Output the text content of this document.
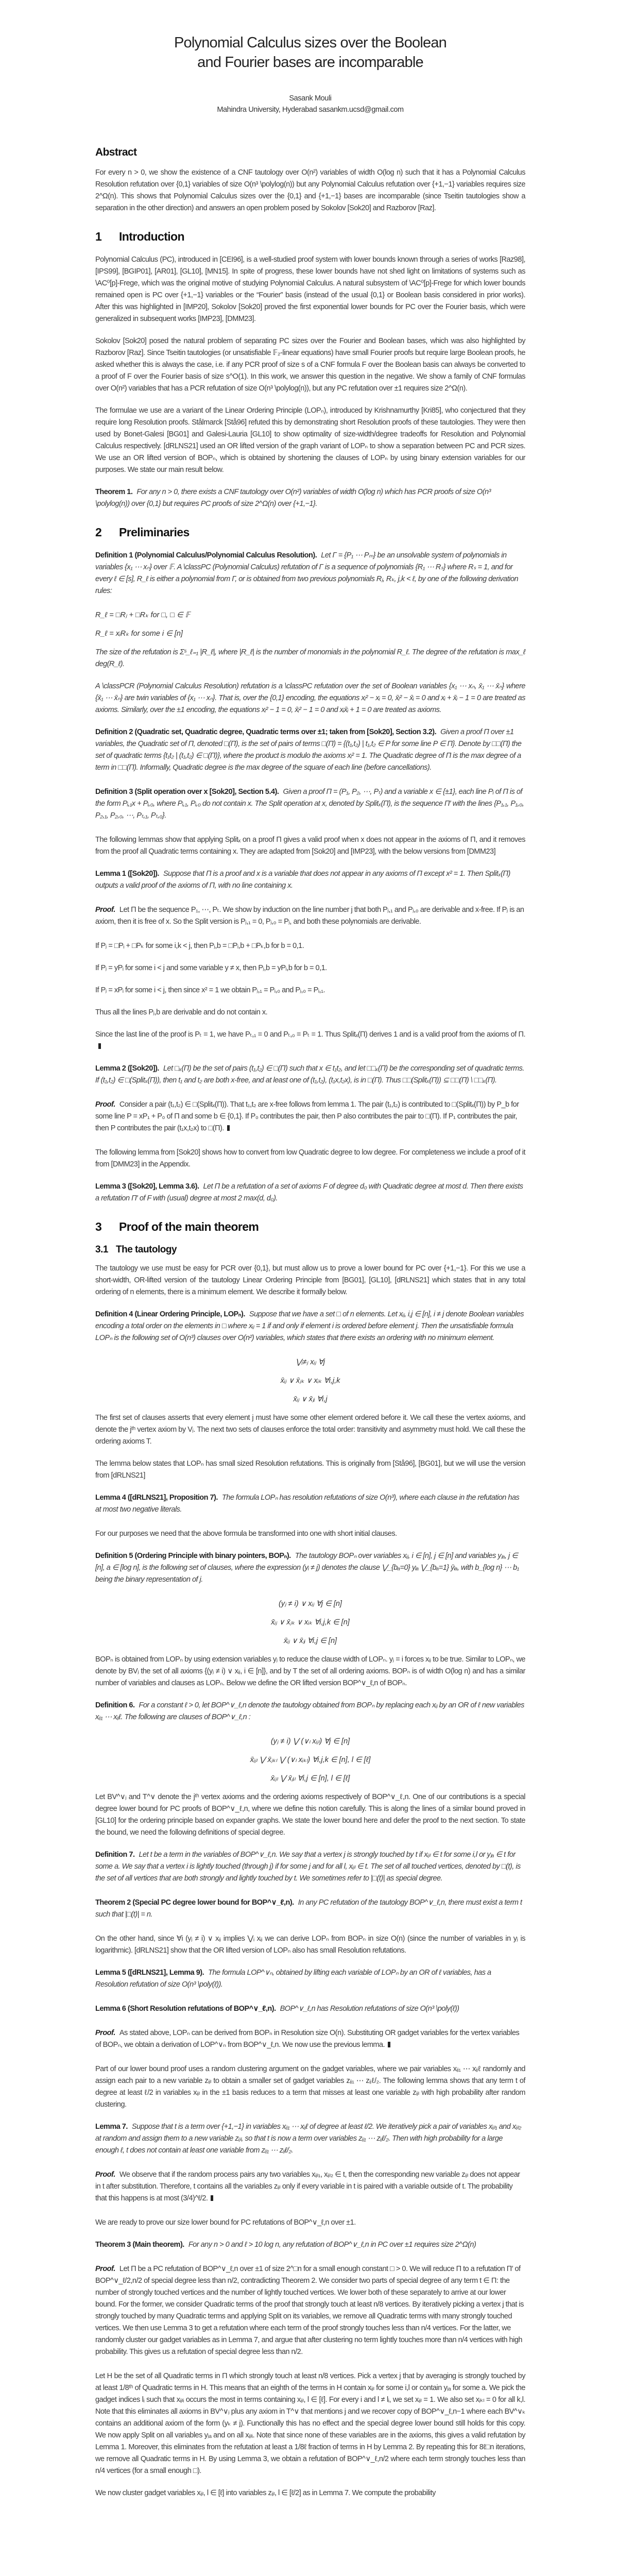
Polynomial Calculus sizes over the Boolean
and Fourier bases are incomparable
Sasank Mouli
Mahindra University, Hyderabad sasankm.ucsd@gmail.com
Abstract
For every n > 0, we show the existence of a CNF tautology over O(n²) variables of width O(log n) such that it has a Polynomial Calculus Resolution refutation over {0,1} variables of size O(n³ \polylog(n)) but any Polynomial Calculus refutation over {+1,−1} variables requires size 2^Ω(n). This shows that Polynomial Calculus sizes over the {0,1} and {+1,−1} bases are incomparable (since Tseitin tautologies show a separation in the other direction) and answers an open problem posed by Sokolov [Sok20] and Razborov [Raz].
1 Introduction
Polynomial Calculus (PC), introduced in [CEI96], is a well-studied proof system with lower bounds known through a series of works [Raz98], [IPS99], [BGIP01], [AR01], [GL10], [MN15]. In spite of progress, these lower bounds have not shed light on limitations of systems such as \AC⁰[p]-Frege, which was the original motive of studying Polynomial Calculus. A natural subsystem of \AC⁰[p]-Frege for which lower bounds remained open is PC over {+1,−1} variables or the “Fourier” basis (instead of the usual {0,1} or Boolean basis considered in prior works). After this was highlighted in [IMP20], Sokolov [Sok20] proved the first exponential lower bounds for PC over the Fourier basis, which were generalized in subsequent works [IMP23], [DMM23].
Sokolov [Sok20] posed the natural problem of separating PC sizes over the Fourier and Boolean bases, which was also highlighted by Razborov [Raz]. Since Tseitin tautologies (or unsatisfiable 𝔽₂-linear equations) have small Fourier proofs but require large Boolean proofs, he asked whether this is always the case, i.e. if any PCR proof of size s of a CNF formula F over the Boolean basis can always be converted to a proof of F over the Fourier basis of size s^O(1). In this work, we answer this question in the negative. We show a family of CNF formulas over O(n²) variables that has a PCR refutation of size O(n³ \polylog(n)), but any PC refutation over ±1 requires size 2^Ω(n).
The formulae we use are a variant of the Linear Ordering Principle (LOPₙ), introduced by Krishnamurthy [Kri85], who conjectured that they require long Resolution proofs. Stålmarck [Stå96] refuted this by demonstrating short Resolution proofs of these tautologies. They were then used by Bonet-Galesi [BG01] and Galesi-Lauria [GL10] to show optimality of size-width/degree tradeoffs for Resolution and Polynomial Calculus respectively. [dRLNS21] used an OR lifted version of the graph variant of LOPₙ to show a separation between PC and PCR sizes. We use an OR lifted version of BOPₙ, which is obtained by shortening the clauses of LOPₙ by using binary extension variables for our purposes. We state our main result below.
Theorem 1. For any n > 0, there exists a CNF tautology over O(n²) variables of width O(log n) which has PCR proofs of size O(n³ \polylog(n)) over {0,1} but requires PC proofs of size 2^Ω(n) over {+1,−1}.
2 Preliminaries
Definition 1 (Polynomial Calculus/Polynomial Calculus Resolution). Let Γ = {P₁ ⋯ Pₘ} be an unsolvable system of polynomials in variables {x₁ ⋯ xₙ} over 𝔽. A \classPC (Polynomial Calculus) refutation of Γ is a sequence of polynomials {R₁ ⋯ Rₛ} where Rₛ = 1, and for every ℓ ∈ [s], R_ℓ is either a polynomial from Γ, or is obtained from two previous polynomials Rⱼ, Rₖ, j,k < ℓ, by one of the following derivation rules:
R_ℓ = □Rⱼ + □Rₖ for □, □ ∈ 𝔽
R_ℓ = xᵢRₖ for some i ∈ [n]
The size of the refutation is Σˢ_ℓ₌₁ |R_ℓ|, where |R_ℓ| is the number of monomials in the polynomial R_ℓ. The degree of the refutation is max_ℓ deg(R_ℓ).
A \classPCR (Polynomial Calculus Resolution) refutation is a \classPC refutation over the set of Boolean variables {x₁ ⋯ xₙ, x̄₁ ⋯ x̄ₙ} where {x̄₁ ⋯ x̄ₙ} are twin variables of {x₁ ⋯ xₙ}. That is, over the {0,1} encoding, the equations xᵢ² − xᵢ = 0, x̄ᵢ² − x̄ᵢ = 0 and xᵢ + x̄ᵢ − 1 = 0 are treated as axioms. Similarly, over the ±1 encoding, the equations xᵢ² − 1 = 0, x̄ᵢ² − 1 = 0 and xᵢx̄ᵢ + 1 = 0 are treated as axioms.
Definition 2 (Quadratic set, Quadratic degree, Quadratic terms over ±1; taken from [Sok20], Section 3.2). Given a proof Π over ±1 variables, the Quadratic set of Π, denoted □(Π), is the set of pairs of terms □(Π) = {(t₁,t₂) | t₁,t₂ ∈ P for some line P ∈ Π}. Denote by □□(Π) the set of quadratic terms {t₁t₂ | (t₁,t₂) ∈ □(Π)}, where the product is modulo the axioms xᵢ² = 1. The Quadratic degree of Π is the max degree of a term in □□(Π). Informally, Quadratic degree is the max degree of the square of each line (before cancellations).
Definition 3 (Split operation over x [Sok20], Section 5.4). Given a proof Π = (P₁, P₂, ⋯, Pₜ) and a variable x ∈ {±1}, each line Pᵢ of Π is of the form Pᵢ,₁x + Pᵢ,₀, where Pᵢ,₁, Pᵢ,₀ do not contain x. The Split operation at x, denoted by Splitₓ(Π), is the sequence Π′ with the lines {P₁,₁, P₁,₀, P₂,₁, P₂,₀, ⋯, Pₜ,₁, Pₜ,₀}.
The following lemmas show that applying Splitₓ on a proof Π gives a valid proof when x does not appear in the axioms of Π, and it removes from the proof all Quadratic terms containing x. They are adapted from [Sok20] and [IMP23], with the below versions from [DMM23]
Lemma 1 ([Sok20]). Suppose that Π is a proof and x is a variable that does not appear in any axioms of Π except x² = 1. Then Splitₓ(Π) outputs a valid proof of the axioms of Π, with no line containing x.
Proof. Let Π be the sequence P₁, ⋯, Pₜ. We show by induction on the line number j that both Pⱼ,₁ and Pⱼ,₀ are derivable and x-free. If Pⱼ is an axiom, then it is free of x. So the Split version is Pⱼ,₁ = 0, Pⱼ,₀ = Pⱼ, and both these polynomials are derivable.
If Pⱼ = □Pᵢ + □Pₖ for some i,k < j, then Pⱼ,b = □Pᵢ,b + □Pₖ,b for b = 0,1.
If Pⱼ = yPᵢ for some i < j and some variable y ≠ x, then Pⱼ,b = yPᵢ,b for b = 0,1.
If Pⱼ = xPᵢ for some i < j, then since x² = 1 we obtain Pⱼ,₁ = Pᵢ,₀ and Pⱼ,₀ = Pᵢ,₁.
Thus all the lines Pⱼ,b are derivable and do not contain x.
Since the last line of the proof is Pₜ = 1, we have Pₜ,₁ = 0 and Pₜ,₀ = Pₜ = 1. Thus Splitₓ(Π) derives 1 and is a valid proof from the axioms of Π.
Lemma 2 ([Sok20]). Let □ₓ(Π) be the set of pairs (t₁,t₂) ∈ □(Π) such that x ∈ t₁t₂, and let □□ₓ(Π) be the corresponding set of quadratic terms. If (t₁,t₂) ∈ □(Splitₓ(Π)), then t₁ and t₂ are both x-free, and at least one of (t₁,t₂), (t₁x,t₂x), is in □(Π). Thus □□(Splitₓ(Π)) ⊆ □□(Π) \ □□ₓ(Π).
Proof. Consider a pair (t₁,t₂) ∈ □(Splitₓ(Π)). That t₁,t₂ are x-free follows from lemma 1. The pair (t₁,t₂) is contributed to □(Splitₓ(Π)) by P_b for some line P = xP₁ + P₀ of Π and some b ∈ {0,1}. If P₀ contributes the pair, then P also contributes the pair to □(Π). If P₁ contributes the pair, then P contributes the pair (t₁x,t₂x) to □(Π).
The following lemma from [Sok20] shows how to convert from low Quadratic degree to low degree. For completeness we include a proof of it from [DMM23] in the Appendix.
Lemma 3 ([Sok20], Lemma 3.6). Let Π be a refutation of a set of axioms F of degree d₀ with Quadratic degree at most d. Then there exists a refutation Π′ of F with (usual) degree at most 2 max(d, d₀).
3 Proof of the main theorem
3.1 The tautology
The tautology we use must be easy for PCR over {0,1}, but must allow us to prove a lower bound for PC over {+1,−1}. For this we use a short-width, OR-lifted version of the tautology Linear Ordering Principle from [BG01], [GL10], [dRLNS21] which states that in any total ordering of n elements, there is a minimum element. We describe it formally below.
Definition 4 (Linear Ordering Principle, LOPₙ). Suppose that we have a set □ of n elements. Let xᵢⱼ, i,j ∈ [n], i ≠ j denote Boolean variables encoding a total order on the elements in □ where xᵢⱼ = 1 if and only if element i is ordered before element j. Then the unsatisfiable formula LOPₙ is the following set of O(n³) clauses over O(n²) variables, which states that there exists an ordering with no minimum element.
⋁ᵢ≠ⱼ xᵢⱼ ∀j
x̄ᵢⱼ ∨ x̄ⱼₖ ∨ xᵢₖ ∀i,j,k
x̄ᵢⱼ ∨ x̄ⱼᵢ ∀i,j
The first set of clauses asserts that every element j must have some other element ordered before it. We call these the vertex axioms, and denote the jᵗʰ vertex axiom by Vⱼ. The next two sets of clauses enforce the total order: transitivity and asymmetry must hold. We call these the ordering axioms T.
The lemma below states that LOPₙ has small sized Resolution refutations. This is originally from [Stå96], [BG01], but we will use the version from [dRLNS21]
Lemma 4 ([dRLNS21], Proposition 7). The formula LOPₙ has resolution refutations of size O(n³), where each clause in the refutation has at most two negative literals.
For our purposes we need that the above formula be transformed into one with short initial clauses.
Definition 5 (Ordering Principle with binary pointers, BOPₙ). The tautology BOPₙ over variables xᵢⱼ, i ∈ [n], j ∈ [n] and variables yⱼₐ, j ∈ [n], a ∈ [log n], is the following set of clauses, where the expression (yᵢ ≠ j) denotes the clause ⋁_{bₐ=0} yᵢₐ ⋁_{bₐ=1} ȳᵢₐ, with b_{log n} ⋯ b₁ being the binary representation of j.
(yⱼ ≠ i) ∨ xᵢⱼ ∀j ∈ [n]
x̄ᵢⱼ ∨ x̄ⱼₖ ∨ xᵢₖ ∀i,j,k ∈ [n]
x̄ᵢⱼ ∨ x̄ⱼᵢ ∀i,j ∈ [n]
BOPₙ is obtained from LOPₙ by using extension variables yⱼ to reduce the clause width of LOPₙ. yⱼ = i forces xᵢⱼ to be true. Similar to LOPₙ, we denote by BVⱼ the set of all axioms {(yⱼ ≠ i) ∨ xᵢⱼ, i ∈ [n]}, and by T the set of all ordering axioms. BOPₙ is of width O(log n) and has a similar number of variables and clauses as LOPₙ. Below we define the OR lifted version BOP^∨_ℓ,n of BOPₙ.
Definition 6. For a constant ℓ > 0, let BOP^∨_ℓ,n denote the tautology obtained from BOPₙ by replacing each xᵢⱼ by an OR of ℓ new variables xᵢⱼ₁ ⋯ xᵢⱼℓ. The following are clauses of BOP^∨_ℓ,n :
(yⱼ ≠ i) ⋁ (∨ₗ xᵢⱼₗ) ∀j ∈ [n]
x̄ᵢⱼₗ ⋁ x̄ⱼₖₗ ⋁ (∨ₗ xᵢₖₗ) ∀i,j,k ∈ [n], l ∈ [ℓ]
x̄ᵢⱼₗ ⋁ x̄ⱼᵢₗ ∀i,j ∈ [n], l ∈ [ℓ]
Let BV^∨ⱼ and T^∨ denote the jᵗʰ vertex axioms and the ordering axioms respectively of BOP^∨_ℓ,n. One of our contributions is a special degree lower bound for PC proofs of BOP^∨_ℓ,n, where we define this notion carefully. This is along the lines of a similar bound proved in [GL10] for the ordering principle based on expander graphs. We state the lower bound here and defer the proof to the next section. To state the bound, we need the following definitions of special degree.
Definition 7. Let t be a term in the variables of BOP^∨_ℓ,n. We say that a vertex j is strongly touched by t if xᵢⱼₗ ∈ t for some i,l or yⱼₐ ∈ t for some a. We say that a vertex i is lightly touched (through j) if for some j and for all l, xᵢⱼₗ ∈ t. The set of all touched vertices, denoted by □(t), is the set of all vertices that are both strongly and lightly touched by t. We sometimes refer to |□(t)| as special degree.
Theorem 2 (Special PC degree lower bound for BOP^∨_ℓ,n). In any PC refutation of the tautology BOP^∨_ℓ,n, there must exist a term t such that |□(t)| = n.
On the other hand, since ∀i (yⱼ ≠ i) ∨ xᵢⱼ implies ⋁ᵢ xᵢⱼ we can derive LOPₙ from BOPₙ in size O(n) (since the number of variables in yⱼ is logarithmic). [dRLNS21] show that the OR lifted version of LOPₙ also has small Resolution refutations.
Lemma 5 ([dRLNS21], Lemma 9). The formula LOP^∨ₙ, obtained by lifting each variable of LOPₙ by an OR of ℓ variables, has a Resolution refutation of size O(n³ \poly(ℓ)).
Lemma 6 (Short Resolution refutations of BOP^∨_ℓ,n). BOP^∨_ℓ,n has Resolution refutations of size O(n³ \poly(ℓ))
Proof. As stated above, LOPₙ can be derived from BOPₙ in Resolution size O(n). Substituting OR gadget variables for the vertex variables of BOPₙ, we obtain a derivation of LOP^∨ₙ from BOP^∨_ℓ,n. We now use the previous lemma.
Part of our lower bound proof uses a random clustering argument on the gadget variables, where we pair variables xᵢⱼ₁ ⋯ xᵢⱼℓ randomly and assign each pair to a new variable zᵢⱼₗ to obtain a smaller set of gadget variables zᵢⱼ₁ ⋯ zᵢⱼℓ/₂. The following lemma shows that any term t of degree at least ℓ/2 in variables xᵢⱼₗ in the ±1 basis reduces to a term that misses at least one variable zᵢⱼₗ with high probability after random clustering.
Lemma 7. Suppose that t is a term over {+1,−1} in variables xᵢⱼ₁ ⋯ xᵢⱼℓ of degree at least ℓ/2. We iteratively pick a pair of variables xᵢⱼₗ₁ and xᵢⱼₗ₂ at random and assign them to a new variable zᵢⱼₗ, so that t is now a term over variables zᵢⱼ₁ ⋯ zᵢⱼℓ/₂. Then with high probability for a large enough ℓ, t does not contain at least one variable from zᵢⱼ₁ ⋯ zᵢⱼℓ/₂.
Proof. We observe that if the random process pairs any two variables xᵢⱼₗ₁, xᵢⱼₗ₂ ∈ t, then the corresponding new variable zᵢⱼₗ does not appear in t after substitution. Therefore, t contains all the variables zᵢⱼₗ only if every variable in t is paired with a variable outside of t. The probability that this happens is at most (3/4)^ℓ/2.
We are ready to prove our size lower bound for PC refutations of BOP^∨_ℓ,n over ±1.
Theorem 3 (Main theorem). For any n > 0 and ℓ > 10 log n, any refutation of BOP^∨_ℓ,n in PC over ±1 requires size 2^Ω(n)
Proof. Let Π be a PC refutation of BOP^∨_ℓ,n over ±1 of size 2^□n for a small enough constant □ > 0. We will reduce Π to a refutation Π′ of BOP^∨_ℓ/2,n/2 of special degree less than n/2, contradicting Theorem 2. We consider two parts of special degree of any term t ∈ Π: the number of strongly touched vertices and the number of lightly touched vertices. We lower both of these separately to arrive at our lower bound. For the former, we consider Quadratic terms of the proof that strongly touch at least n/8 vertices. By iteratively picking a vertex j that is strongly touched by many Quadratic terms and applying Split on its variables, we remove all Quadratic terms with many strongly touched vertices. We then use Lemma 3 to get a refutation where each term of the proof strongly touches less than n/4 vertices. For the latter, we randomly cluster our gadget variables as in Lemma 7, and argue that after clustering no term lightly touches more than n/4 vertices with high probability. This gives us a refutation of special degree less than n/2.
Let H be the set of all Quadratic terms in Π which strongly touch at least n/8 vertices. Pick a vertex j that by averaging is strongly touched by at least 1/8ᵗʰ of Quadratic terms in H. This means that an eighth of the terms in H contain xᵢⱼₗ for some i,l or contain yⱼₐ for some a. We pick the gadget indices lᵢ such that xᵢⱼₗᵢ occurs the most in terms containing xᵢⱼₗ, l ∈ [ℓ]. For every i and l ≠ lᵢ, we set xᵢⱼₗ = 1. We also set xⱼₖₗ = 0 for all k,l. Note that this eliminates all axioms in BV^∨ⱼ plus any axiom in T^∨ that mentions j and we recover copy of BOP^∨_ℓ,n−1 where each BV^∨ₖ contains an additional axiom of the form (yₖ ≠ j). Functionally this has no effect and the special degree lower bound still holds for this copy. We now apply Split on all variables yⱼₐ and on all xᵢⱼₗᵢ. Note that since none of these variables are in the axioms, this gives a valid refutation by Lemma 1. Moreover, this eliminates from the refutation at least a 1/8ℓ fraction of terms in H by Lemma 2. By repeating this for 8ℓ□n iterations, we remove all Quadratic terms in H. By using Lemma 3, we obtain a refutation of BOP^∨_ℓ,n/2 where each term strongly touches less than n/4 vertices (for a small enough □).
We now cluster gadget variables xᵢⱼₗ, l ∈ [ℓ] into variables zᵢⱼₗ, l ∈ [ℓ/2] as in Lemma 7. We compute the probability
